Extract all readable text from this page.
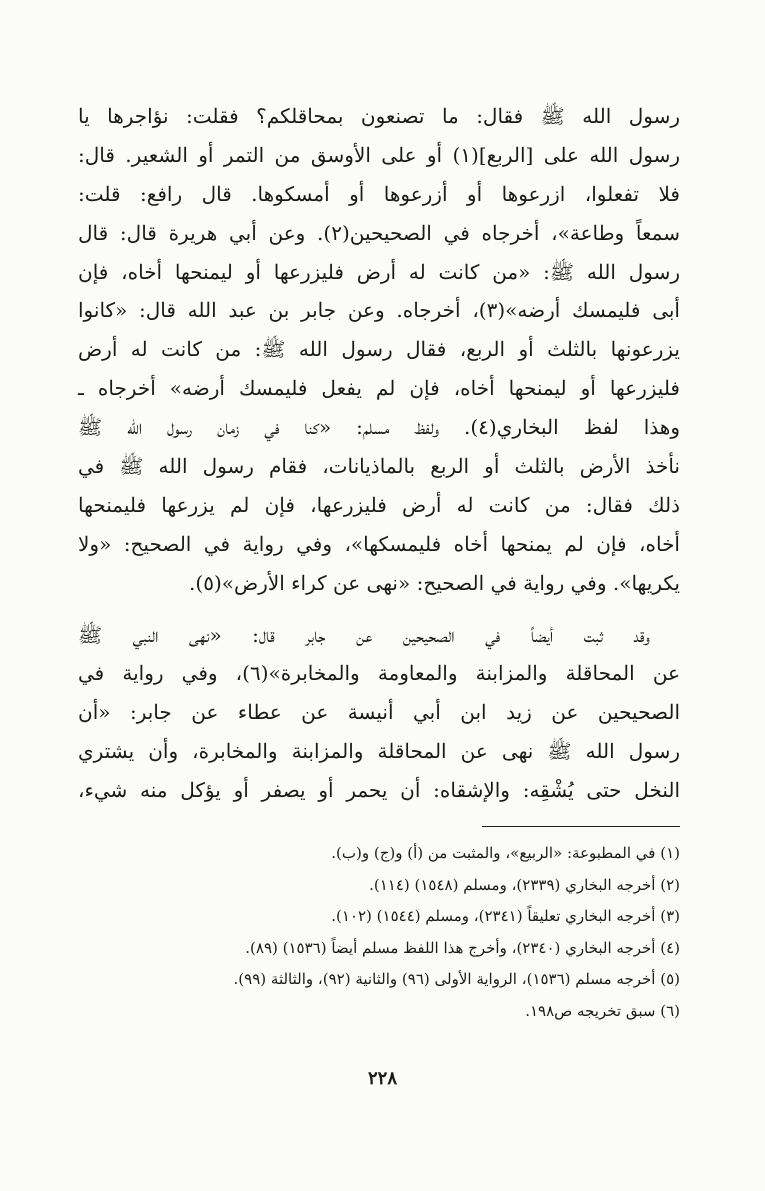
رسول الله ﷺ فقال: ما تصنعون بمحاقلكم؟ فقلت: نؤاجرها يا
رسول الله على [الربع](١) أو على الأوسق من التمر أو الشعير. قال:
فلا تفعلوا، ازرعوها أو أزرعوها أو أمسكوها. قال رافع: قلت:
سمعاً وطاعة»، أخرجاه في الصحيحين(٢). وعن أبي هريرة قال: قال
رسول الله ﷺ: «من كانت له أرض فليزرعها أو ليمنحها أخاه، فإن
أبى فليمسك أرضه»(٣)، أخرجاه. وعن جابر بن عبد الله قال: «كانوا
يزرعونها بالثلث أو الربع، فقال رسول الله ﷺ: من كانت له أرض
فليزرعها أو ليمنحها أخاه، فإن لم يفعل فليمسك أرضه» أخرجاه ـ
وهذا لفظ البخاري(٤). ولفظ مسلم: «كنا في زمان رسول الله ﷺ
نأخذ الأرض بالثلث أو الربع بالماذيانات، فقام رسول الله ﷺ في
ذلك فقال: من كانت له أرض فليزرعها، فإن لم يزرعها فليمنحها
أخاه، فإن لم يمنحها أخاه فليمسكها»، وفي رواية في الصحيح: «ولا
يكريها». وفي رواية في الصحيح: «نهى عن كراء الأرض»(٥).
وقد ثبت أيضاً في الصحيحين عن جابر قال: «نهى النبي ﷺ
عن المحاقلة والمزابنة والمعاومة والمخابرة»(٦)، وفي رواية في
الصحيحين عن زيد ابن أبي أنيسة عن عطاء عن جابر: «أن
رسول الله ﷺ نهى عن المحاقلة والمزابنة والمخابرة، وأن يشتري
النخل حتى يُشْقِه: والإشقاه: أن يحمر أو يصفر أو يؤكل منه شيء،
(١) في المطبوعة: «الربيع»، والمثبت من (أ) و(ج) و(ب).
(٢) أخرجه البخاري (٢٣٣٩)، ومسلم (١٥٤٨) (١١٤).
(٣) أخرجه البخاري تعليقاً (٢٣٤١)، ومسلم (١٥٤٤) (١٠٢).
(٤) أخرجه البخاري (٢٣٤٠)، وأخرج هذا اللفظ مسلم أيضاً (١٥٣٦) (٨٩).
(٥) أخرجه مسلم (١٥٣٦)، الرواية الأولى (٩٦) والثانية (٩٢)، والثالثة (٩٩).
(٦) سبق تخريجه ص١٩٨.
٢٢٨
